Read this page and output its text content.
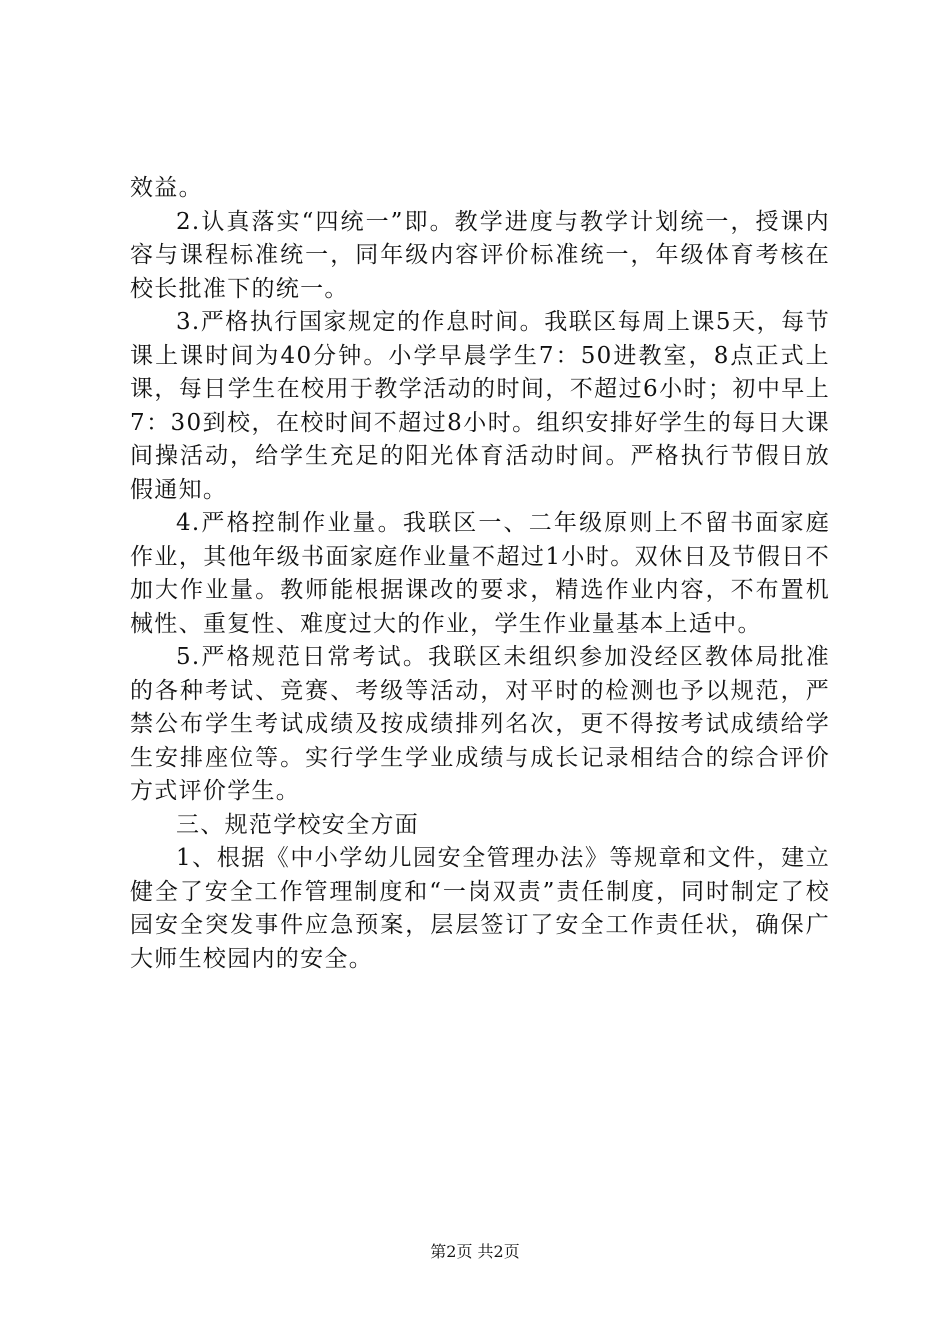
效益。

2.认真落实“四统一”即。教学进度与教学计划统一，授课内容与课程标准统一，同年级内容评价标准统一，年级体育考核在校长批准下的统一。

3.严格执行国家规定的作息时间。我联区每周上课5天，每节课上课时间为40分钟。小学早晨学生7：50进教室，8点正式上课，每日学生在校用于教学活动的时间，不超过6小时；初中早上7：30到校，在校时间不超过8小时。组织安排好学生的每日大课间操活动，给学生充足的阳光体育活动时间。严格执行节假日放假通知。

4.严格控制作业量。我联区一、二年级原则上不留书面家庭作业，其他年级书面家庭作业量不超过1小时。双休日及节假日不加大作业量。教师能根据课改的要求，精选作业内容，不布置机械性、重复性、难度过大的作业，学生作业量基本上适中。

5.严格规范日常考试。我联区未组织参加没经区教体局批准的各种考试、竞赛、考级等活动，对平时的检测也予以规范，严禁公布学生考试成绩及按成绩排列名次，更不得按考试成绩给学生安排座位等。实行学生学业成绩与成长记录相结合的综合评价方式评价学生。

三、规范学校安全方面

1、根据《中小学幼儿园安全管理办法》等规章和文件，建立健全了安全工作管理制度和“一岗双责”责任制度，同时制定了校园安全突发事件应急预案，层层签订了安全工作责任状，确保广大师生校园内的安全。

第2页 共2页
